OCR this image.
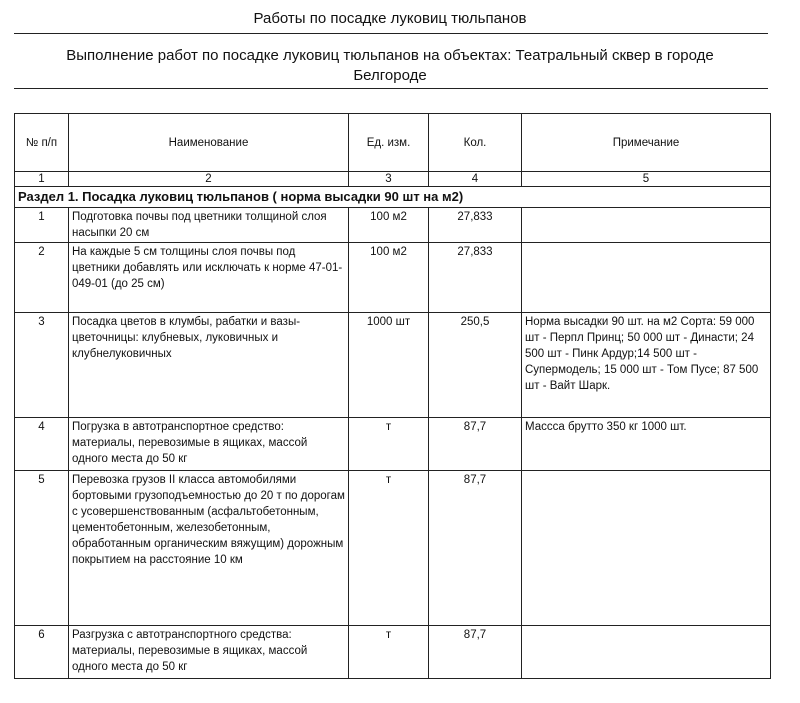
Работы по посадке луковиц тюльпанов
Выполнение работ по посадке луковиц тюльпанов на объектах: Театральный сквер в городе
Белгороде
№ п/п	Наименование	Ед. изм.	Кол.	Примечание
1	2	3	4	5
Раздел 1. Посадка луковиц тюльпанов ( норма высадки 90 шт на м2)				
1	Подготовка почвы под цветники толщиной слоя насыпки 20 см	100 м2	27,833	
2	На каждые 5 см толщины слоя почвы под цветники добавлять или исключать к норме 47-01-049-01 (до 25 см)	100 м2	27,833	
3	Посадка цветов в клумбы, рабатки и вазы-цветочницы: клубневых, луковичных и клубнелуковичных	1000 шт	250,5	Норма высадки 90 шт. на м2 Сорта: 59 000 шт - Перпл Принц; 50 000 шт - Династи; 24 500 шт - Пинк Ардур;14 500 шт - Супермодель; 15 000 шт - Том Пусе; 87 500 шт - Вайт Шарк.
4	Погрузка в автотранспортное средство: материалы, перевозимые в ящиках, массой одного места до 50 кг	т	87,7	Массса брутто 350 кг 1000 шт.
5	Перевозка грузов II класса автомобилями бортовыми грузоподъемностью до 20 т по дорогам с усовершенствованным (асфальтобетонным, цементобетонным, железобетонным, обработанным органическим вяжущим) дорожным покрытием на расстояние 10 км	т	87,7	
6	Разгрузка с автотранспортного средства: материалы, перевозимые в ящиках, массой одного места до 50 кг	т	87,7	
